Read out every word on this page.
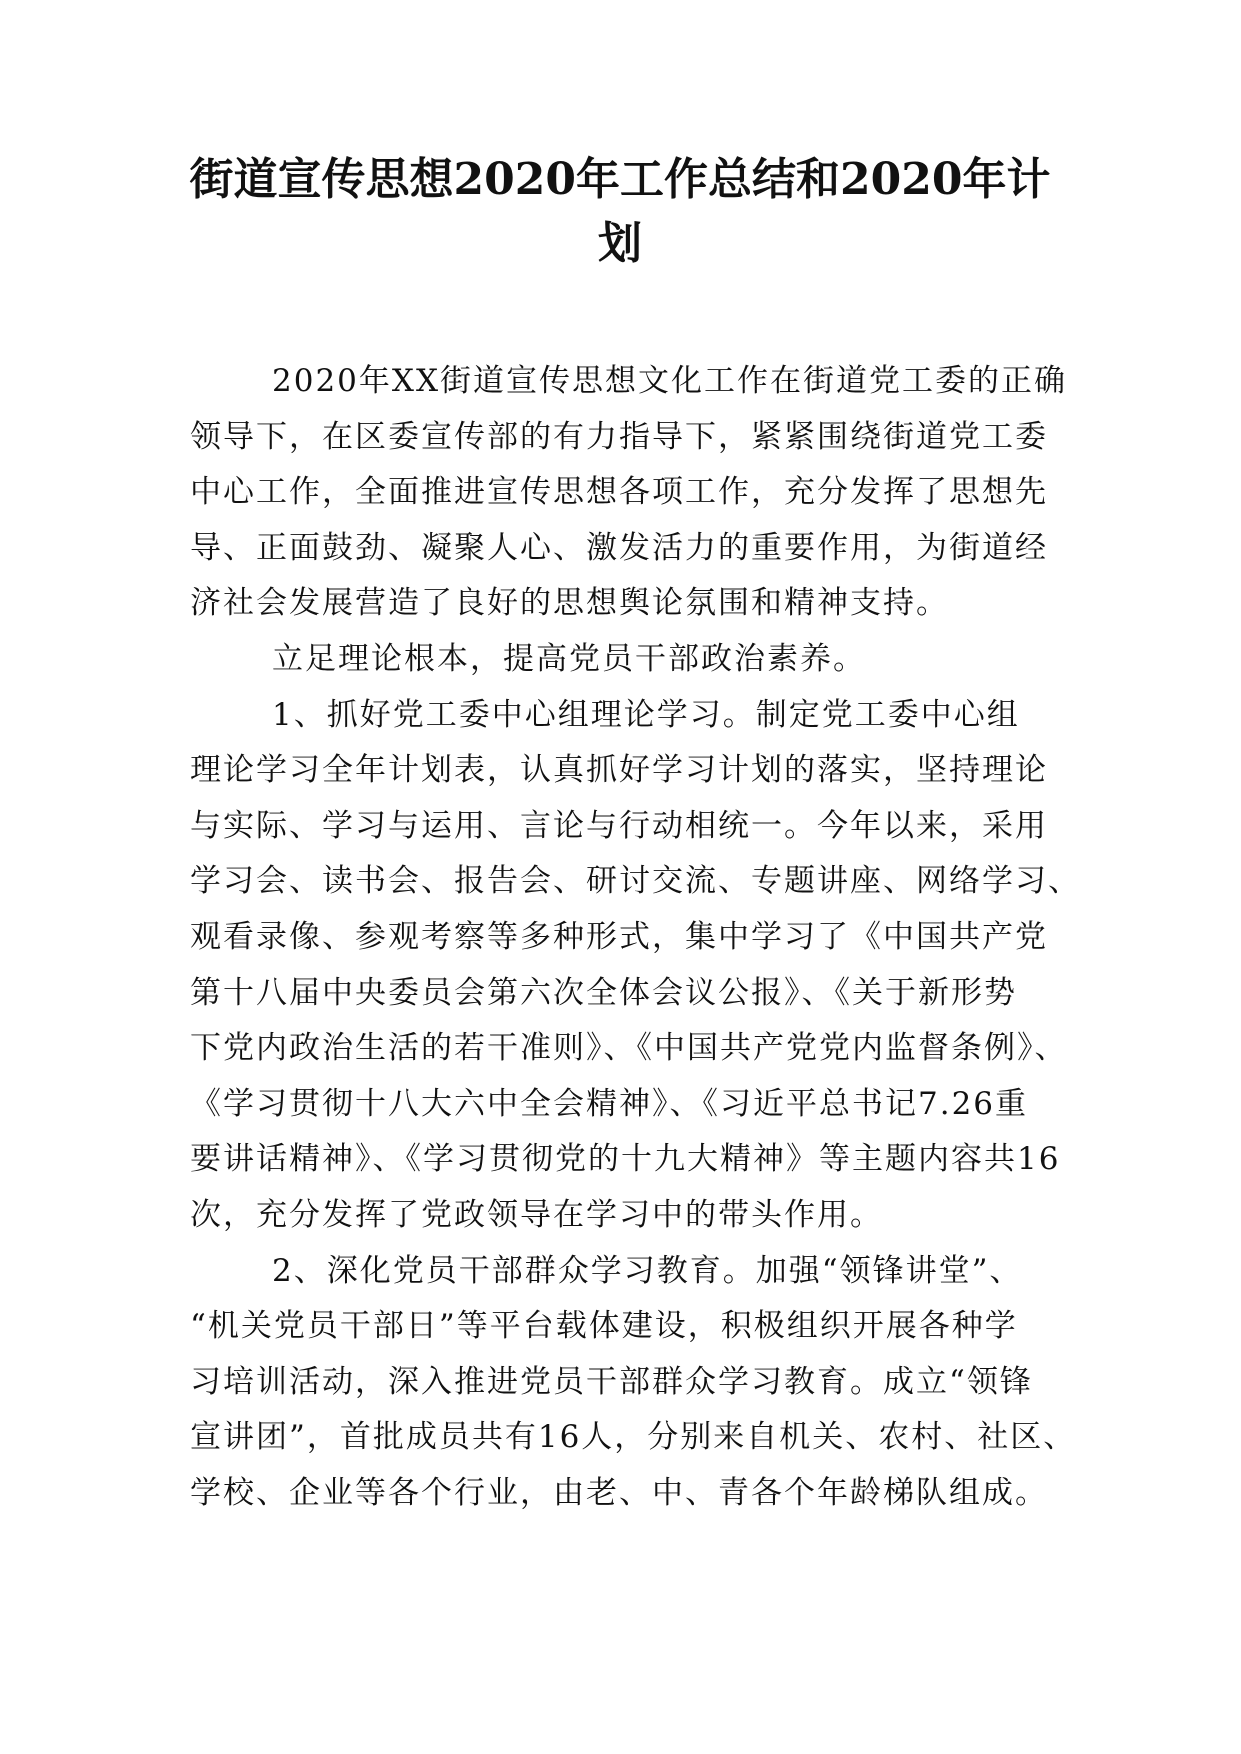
街道宣传思想2020年工作总结和2020年计划
2020年XX街道宣传思想文化工作在街道党工委的正确
领导下，在区委宣传部的有力指导下，紧紧围绕街道党工委
中心工作，全面推进宣传思想各项工作，充分发挥了思想先
导、正面鼓劲、凝聚人心、激发活力的重要作用，为街道经
济社会发展营造了良好的思想舆论氛围和精神支持。
立足理论根本，提高党员干部政治素养。
1、抓好党工委中心组理论学习。制定党工委中心组
理论学习全年计划表，认真抓好学习计划的落实，坚持理论
与实际、学习与运用、言论与行动相统一。今年以来，采用
学习会、读书会、报告会、研讨交流、专题讲座、网络学习、
观看录像、参观考察等多种形式，集中学习了《中国共产党
第十八届中央委员会第六次全体会议公报》、《关于新形势
下党内政治生活的若干准则》、《中国共产党党内监督条例》、
《学习贯彻十八大六中全会精神》、《习近平总书记7.26重
要讲话精神》、《学习贯彻党的十九大精神》等主题内容共16
次，充分发挥了党政领导在学习中的带头作用。
2、深化党员干部群众学习教育。加强“领锋讲堂”、
“机关党员干部日”等平台载体建设，积极组织开展各种学
习培训活动，深入推进党员干部群众学习教育。成立“领锋
宣讲团”，首批成员共有16人，分别来自机关、农村、社区、
学校、企业等各个行业，由老、中、青各个年龄梯队组成。
